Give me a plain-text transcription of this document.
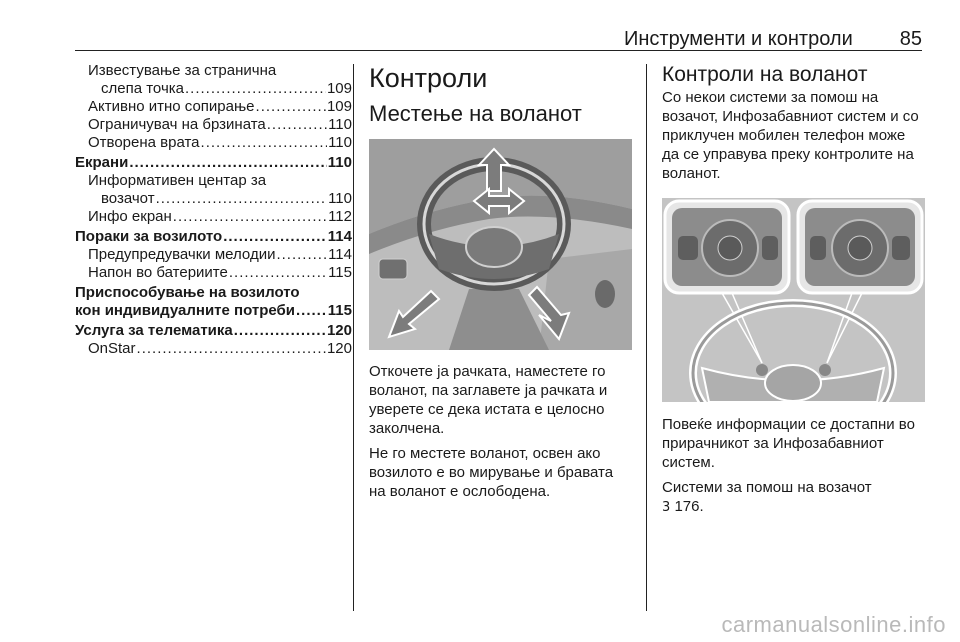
Инструменти и контроли 85
Известување за странична
слепа точка .....	109
Активно итно сопирање .....	109
Ограничувач на брзината .....	110
Отворена врата .....	110
Екрани .....	110
Информативен центар за
возачот .....	110
Инфо екран .....	112
Пораки за возилото .....	114
Предупредувачки мелодии .....	114
Напон во батериите .....	115
Приспособување на возилото
кон индивидуалните потреби ..... 115
Услуга за телематика .....	120
OnStar .....	120
Контроли
Местење на воланот

Откочете ја рачката, наместете го воланот, па заглавете ја рачката и уверете се дека истата е целосно заколчена.

Не го местете воланот, освен ако возилото е во мирување и бравата на воланот е ослободена.

Контроли на воланот

Со некои системи за помош на возачот, Инфозабавниот систем и со приклучен мобилен телефон може да се управува преку контролите на воланот.

Повеќе информации се достапни во прирачникот за Инфозабавниот систем.

Системи за помош на возачот
3 176.

carmanualsonline.info
